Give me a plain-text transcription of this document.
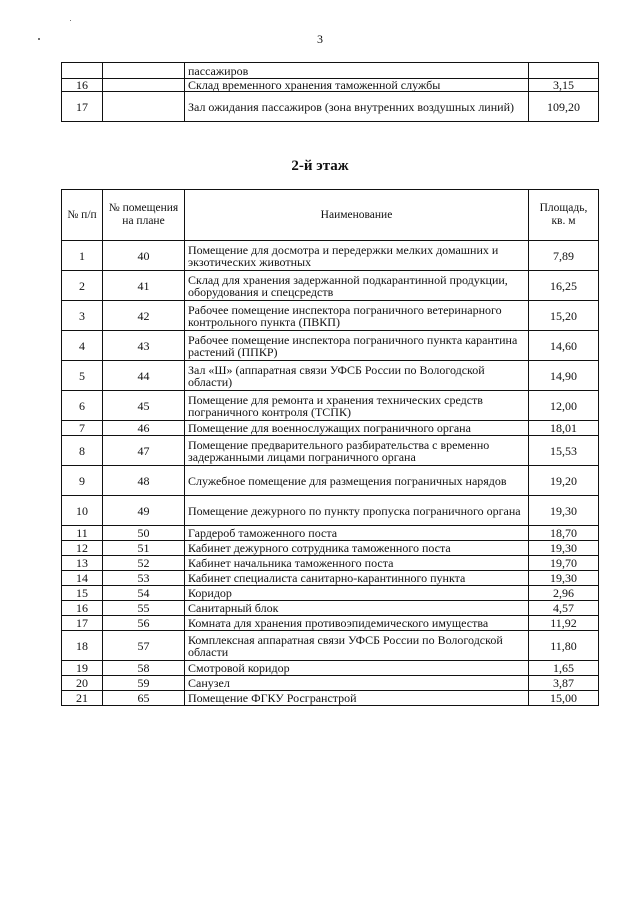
3
		пассажиров	
16		Склад временного хранения таможенной службы	3,15
17		Зал ожидания пассажиров (зона внутренних воздушных линий)	109,20
2-й этаж
№ п/п	№ помещения на плане	Наименование	Площадь, кв. м
1	40	Помещение для досмотра и передержки мелких домашних и экзотических животных	7,89
2	41	Склад для хранения задержанной подкарантинной продукции, оборудования и спецсредств	16,25
3	42	Рабочее помещение инспектора пограничного ветеринарного контрольного пункта (ПВКП)	15,20
4	43	Рабочее помещение инспектора пограничного пункта карантина растений (ППКР)	14,60
5	44	Зал «Ш» (аппаратная связи УФСБ России по Вологодской области)	14,90
6	45	Помещение для ремонта и хранения технических средств пограничного контроля (ТСПК)	12,00
7	46	Помещение для военнослужащих пограничного органа	18,01
8	47	Помещение предварительного разбирательства с временно задержанными лицами пограничного органа	15,53
9	48	Служебное помещение для размещения пограничных нарядов	19,20
10	49	Помещение дежурного по пункту пропуска пограничного органа	19,30
11	50	Гардероб таможенного поста	18,70
12	51	Кабинет дежурного сотрудника таможенного поста	19,30
13	52	Кабинет начальника таможенного поста	19,70
14	53	Кабинет специалиста санитарно-карантинного пункта	19,30
15	54	Коридор	2,96
16	55	Санитарный блок	4,57
17	56	Комната для хранения противоэпидемического имущества	11,92
18	57	Комплексная аппаратная связи УФСБ России по Вологодской области	11,80
19	58	Смотровой коридор	1,65
20	59	Санузел	3,87
21	65	Помещение ФГКУ Росгранстрой	15,00
